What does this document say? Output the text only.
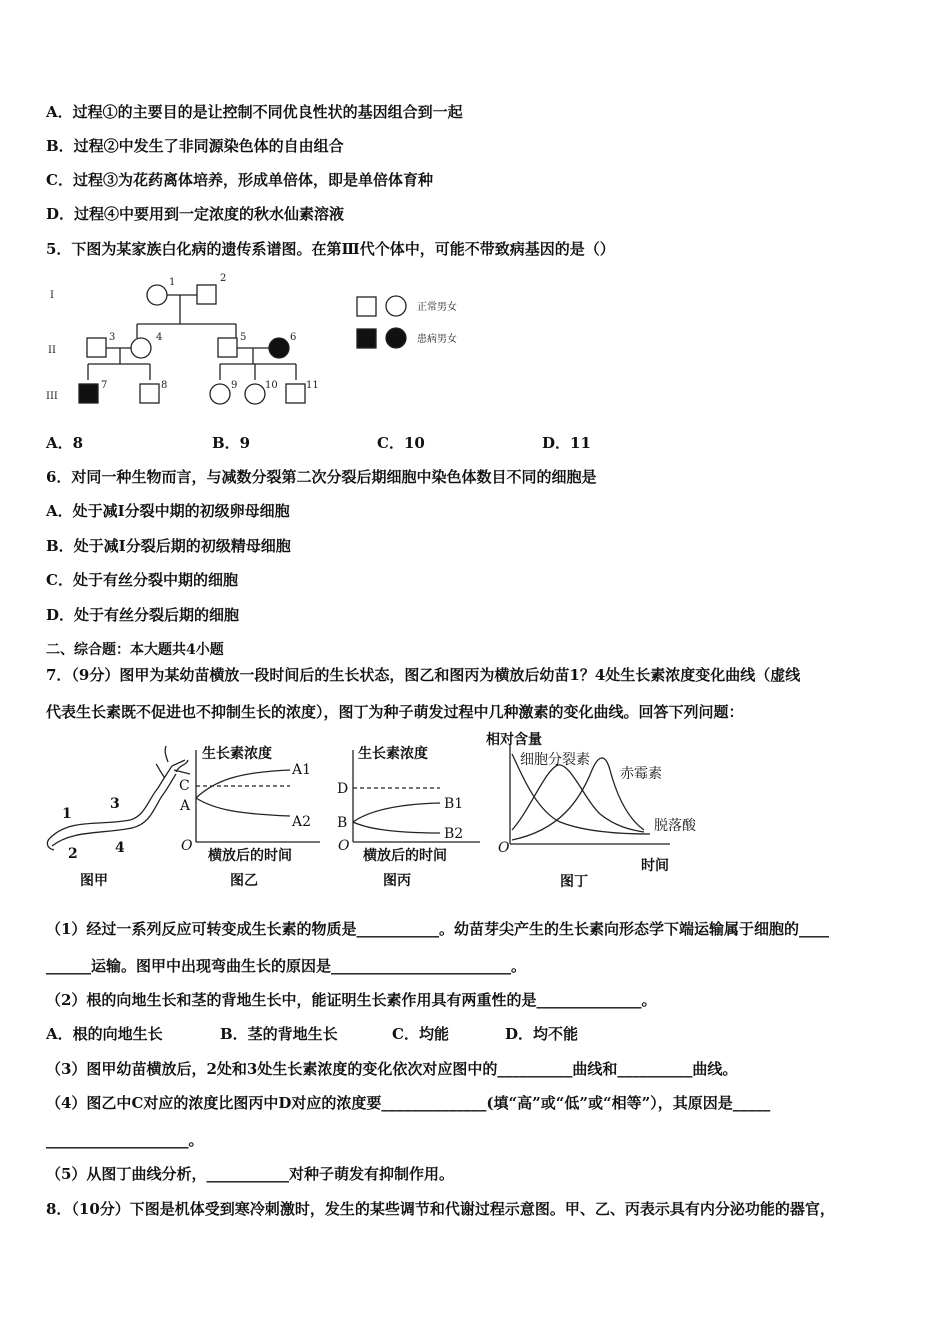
A．过程①的主要目的是让控制不同优良性状的基因组合到一起
B．过程②中发生了非同源染色体的自由组合
C．过程③为花药离体培养，形成单倍体，即是单倍体育种
D．过程④中要用到一定浓度的秋水仙素溶液
5．下图为某家族白化病的遗传系谱图。在第Ⅲ代个体中，可能不带致病基因的是（）
I
II
III
1	2
3	4	5	6
7	8	9	10	11
正常男女
患病男女
A．8	B．9	C．10	D．11
6．对同一种生物而言，与减数分裂第二次分裂后期细胞中染色体数目不同的细胞是
A．处于减Ⅰ分裂中期的初级卵母细胞
B．处于减Ⅰ分裂后期的初级精母细胞
C．处于有丝分裂中期的细胞
D．处于有丝分裂后期的细胞
二、综合题：本大题共4小题
7．（9分）图甲为某幼苗横放一段时间后的生长状态，图乙和图丙为横放后幼苗1？4处生长素浓度变化曲线（虚线
代表生长素既不促进也不抑制生长的浓度），图丁为种子萌发过程中几种激素的变化曲线。回答下列问题：
1
2
3
4
图甲
生长素浓度
C
A
A1
A2
O
横放后的时间
图乙
生长素浓度
D
B
B1
B2
O
横放后的时间
图丙
相对含量
细胞分裂素
赤霉素
脱落酸
O
时间
图丁
（1）经过一系列反应可转变成生长素的物质是___________。幼苗芽尖产生的生长素向形态学下端运输属于细胞的____
______运输。图甲中出现弯曲生长的原因是________________________。
（2）根的向地生长和茎的背地生长中，能证明生长素作用具有两重性的是______________。
A．根的向地生长	B．茎的背地生长	C．均能	D．均不能
（3）图甲幼苗横放后，2处和3处生长素浓度的变化依次对应图中的__________曲线和__________曲线。
（4）图乙中C对应的浓度比图丙中D对应的浓度要______________(填“高”或“低”或“相等”），其原因是_____
___________________。
（5）从图丁曲线分析，___________对种子萌发有抑制作用。
8．（10分）下图是机体受到寒冷刺激时，发生的某些调节和代谢过程示意图。甲、乙、丙表示具有内分泌功能的器官，
